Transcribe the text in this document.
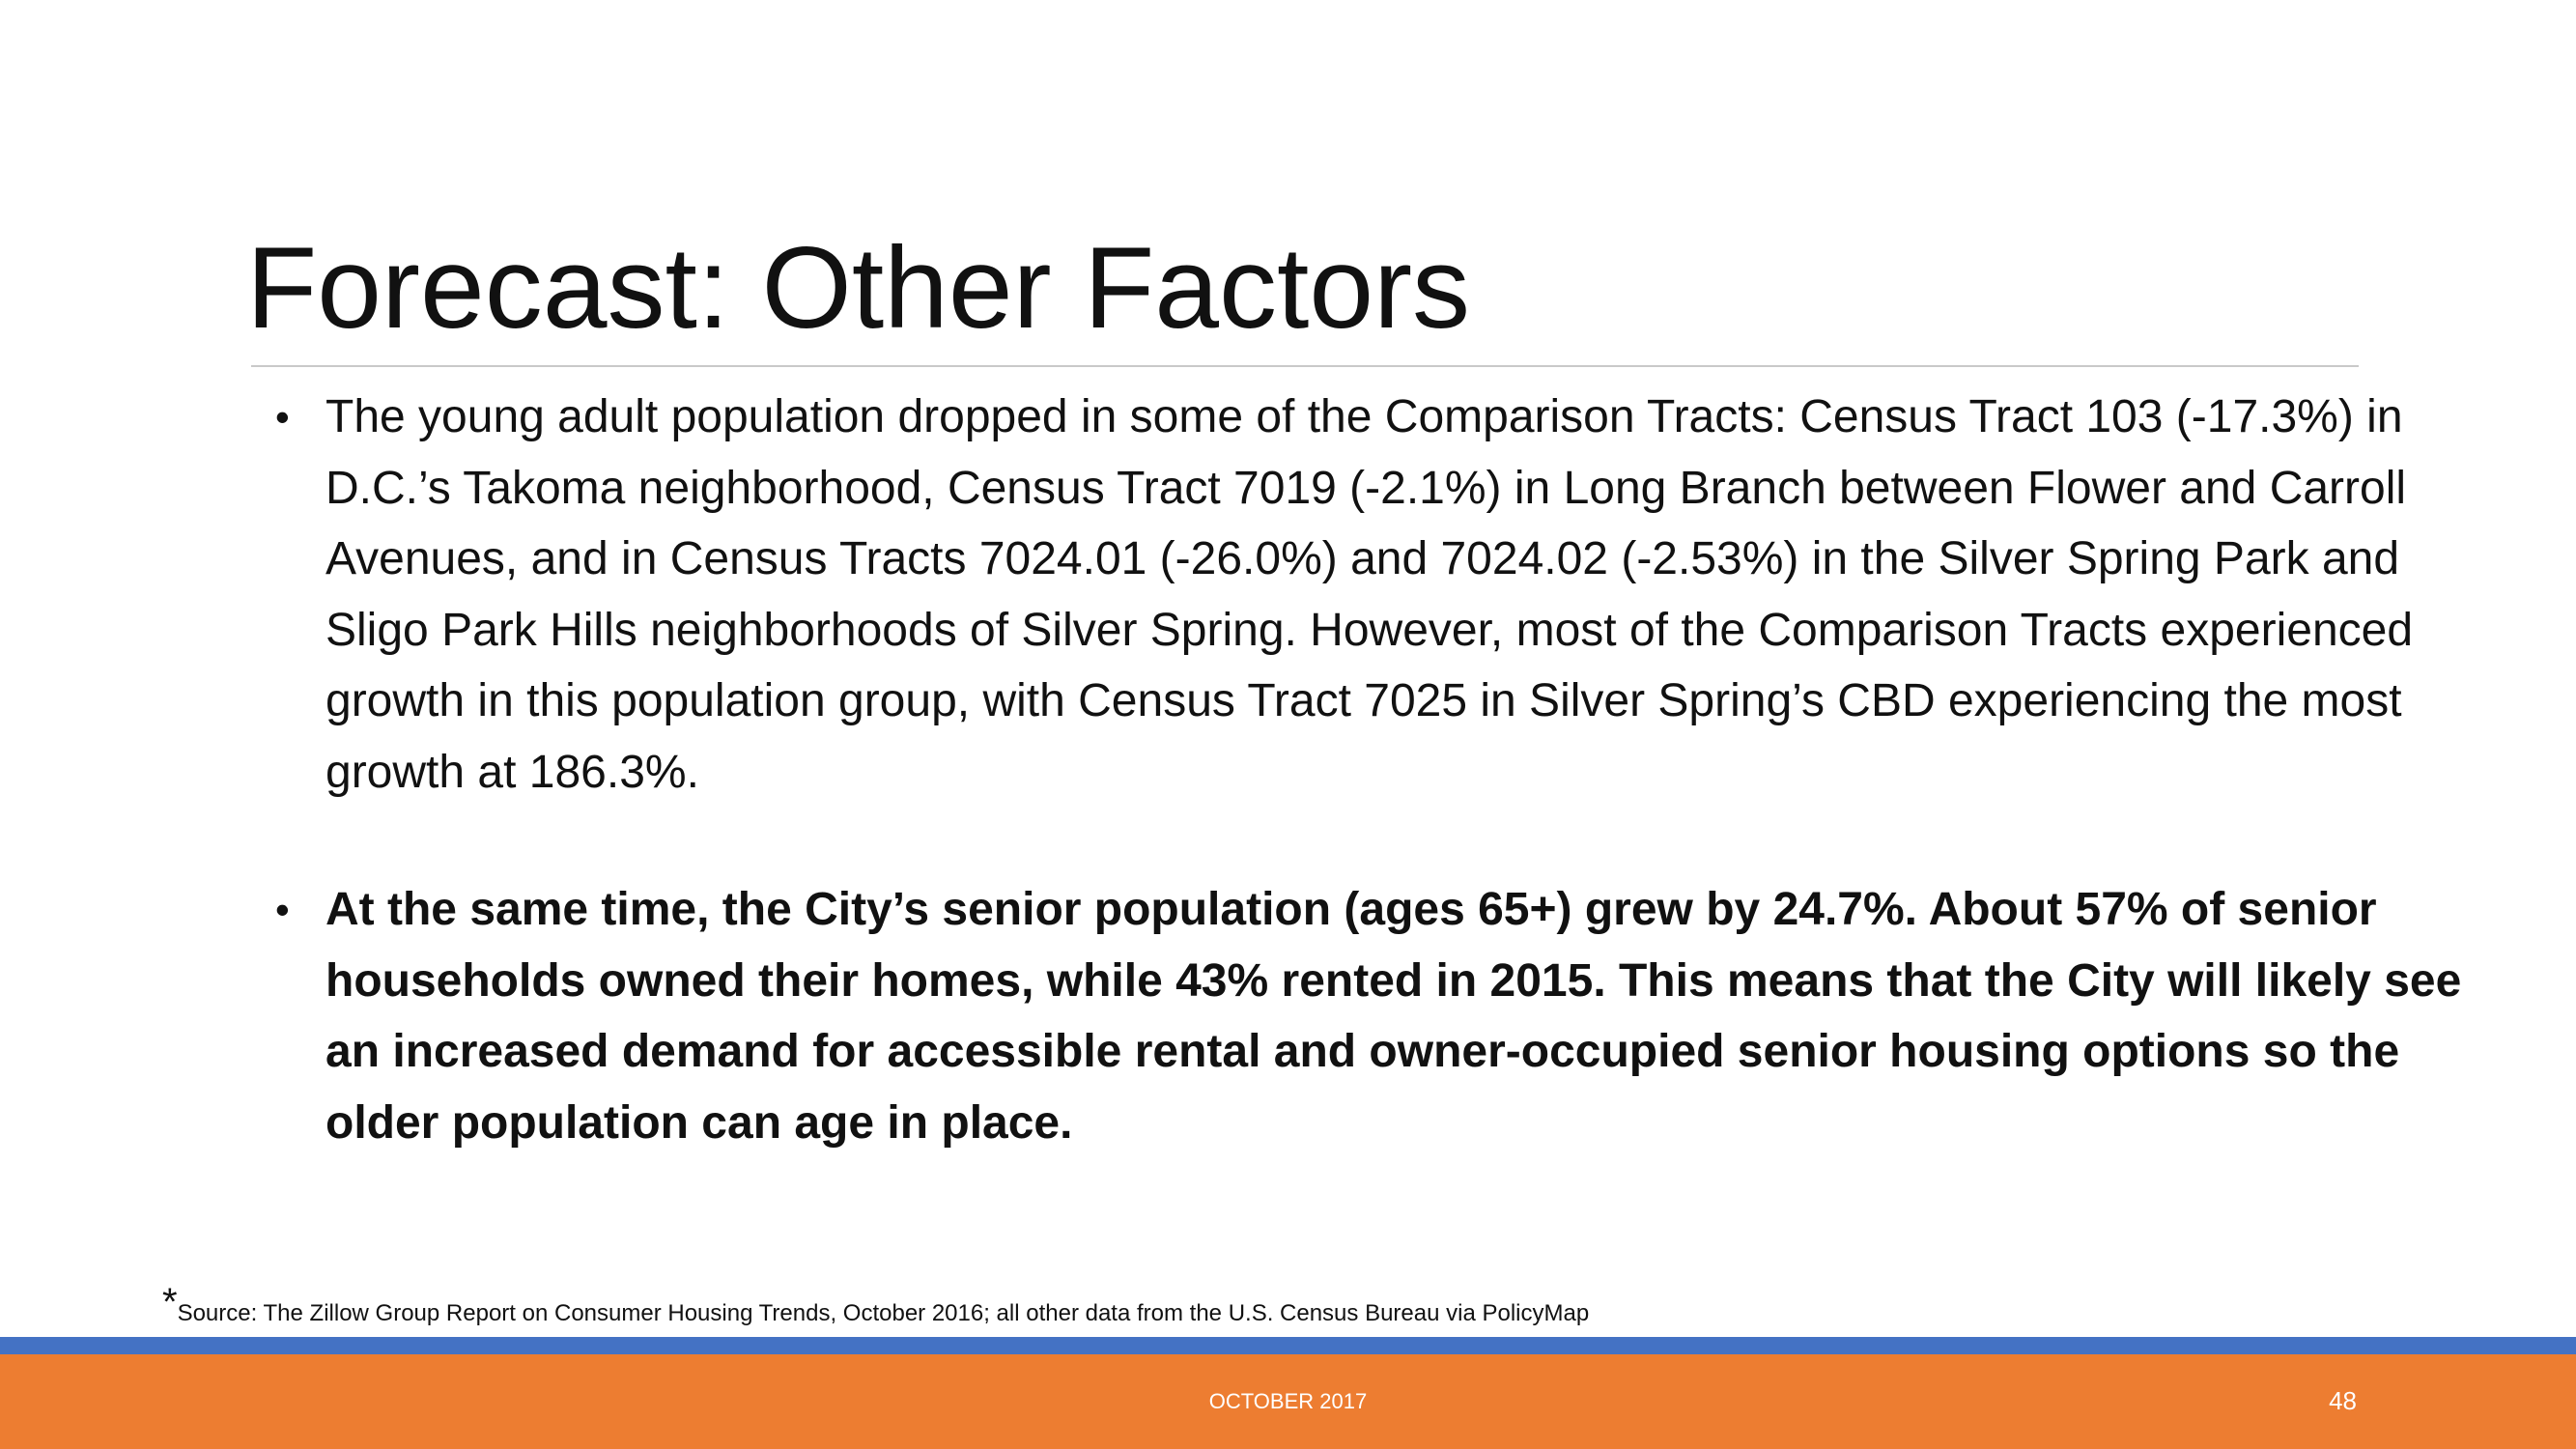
Forecast: Other Factors
• The young adult population dropped in some of the Comparison Tracts: Census Tract 103 (-17.3%) in D.C.’s Takoma neighborhood, Census Tract 7019 (-2.1%) in Long Branch between Flower and Carroll Avenues, and in Census Tracts 7024.01 (-26.0%) and 7024.02 (-2.53%) in the Silver Spring Park and Sligo Park Hills neighborhoods of Silver Spring. However, most of the Comparison Tracts experienced growth in this population group, with Census Tract 7025 in Silver Spring’s CBD experiencing the most growth at 186.3%.
• At the same time, the City’s senior population (ages 65+) grew by 24.7%. About 57% of senior households owned their homes, while 43% rented in 2015. This means that the City will likely see an increased demand for accessible rental and owner-occupied senior housing options so the older population can age in place.
*Source: The Zillow Group Report on Consumer Housing Trends, October 2016; all other data from the U.S. Census Bureau via PolicyMap
OCTOBER 2017	48
